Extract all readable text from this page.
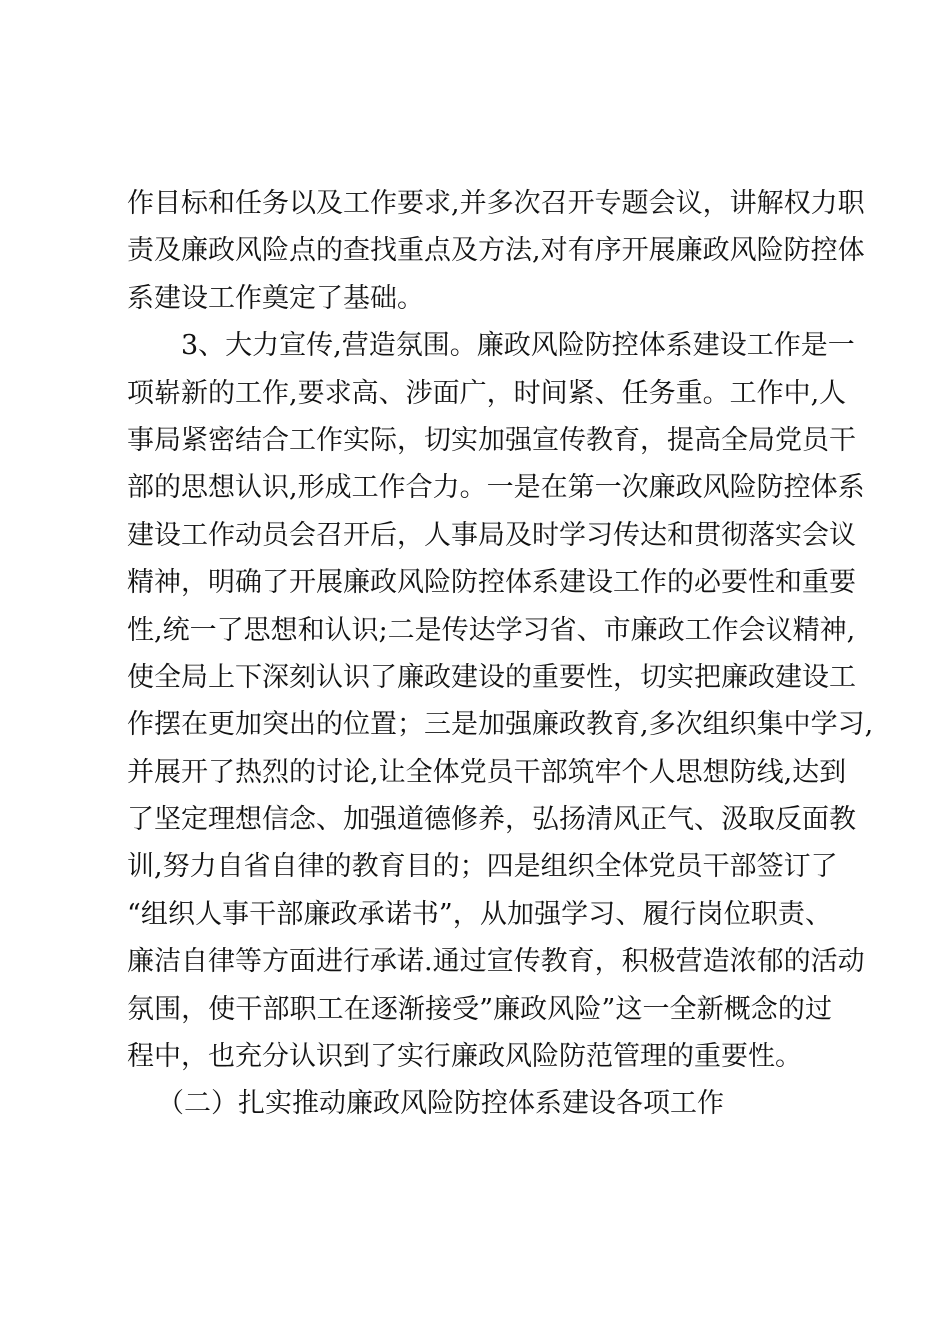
作目标和任务以及工作要求,并多次召开专题会议，讲解权力职
责及廉政风险点的查找重点及方法,对有序开展廉政风险防控体
系建设工作奠定了基础。
3、大力宣传,营造氛围。廉政风险防控体系建设工作是一
项崭新的工作,要求高、涉面广，时间紧、任务重。工作中,人
事局紧密结合工作实际，切实加强宣传教育，提高全局党员干
部的思想认识,形成工作合力。一是在第一次廉政风险防控体系
建设工作动员会召开后，人事局及时学习传达和贯彻落实会议
精神，明确了开展廉政风险防控体系建设工作的必要性和重要
性,统一了思想和认识;二是传达学习省、市廉政工作会议精神,
使全局上下深刻认识了廉政建设的重要性，切实把廉政建设工
作摆在更加突出的位置；三是加强廉政教育,多次组织集中学习,
并展开了热烈的讨论,让全体党员干部筑牢个人思想防线,达到
了坚定理想信念、加强道德修养，弘扬清风正气、汲取反面教
训,努力自省自律的教育目的；四是组织全体党员干部签订了
“组织人事干部廉政承诺书”，从加强学习、履行岗位职责、
廉洁自律等方面进行承诺.通过宣传教育，积极营造浓郁的活动
氛围，使干部职工在逐渐接受”廉政风险”这一全新概念的过
程中，也充分认识到了实行廉政风险防范管理的重要性。
（二）扎实推动廉政风险防控体系建设各项工作
